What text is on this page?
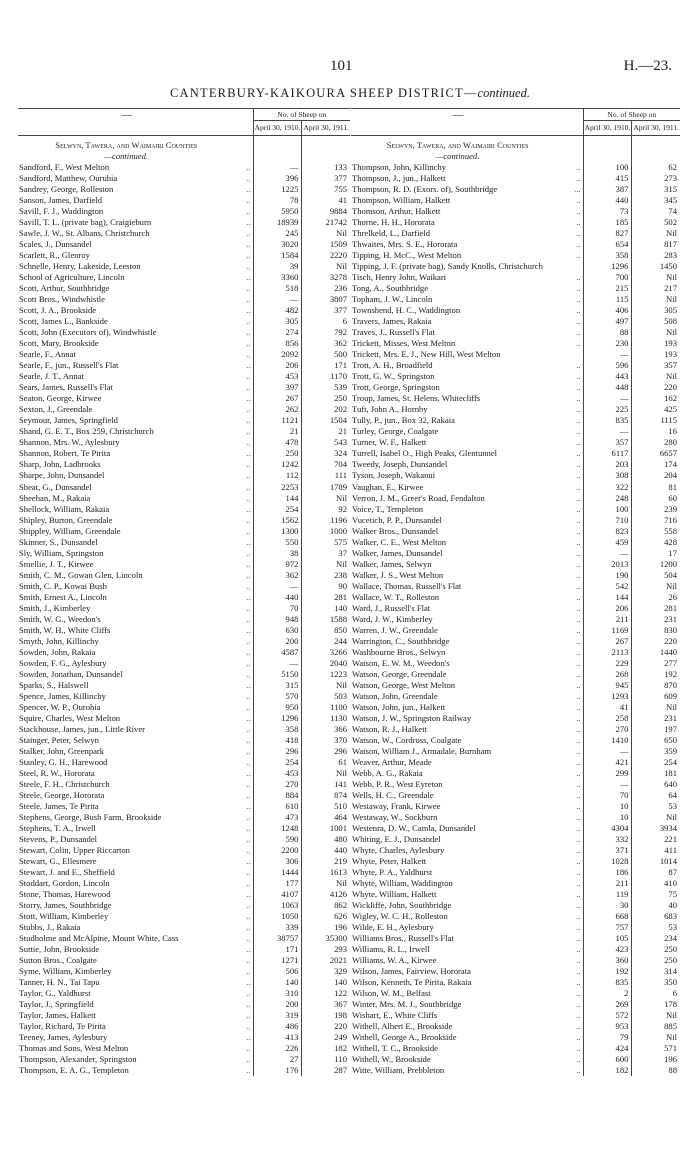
101	H.—23.
CANTERBURY-KAIKOURA SHEEP DISTRICT—continued.
—		No. of Sheep on	
		April 30, 1910.	April 30, 1911.
Selwyn, Tawera, and Waimairi Counties			
—continued.			
Sandford, F., West Melton	..	—	133
Sandford, Matthew, Ouruhia	..	396	377
Sandrey, George, Rolleston	..	1225	755
Sanson, James, Darfield	..	78	41
Savill, F. J., Waddington	..	5950	9884
Savill, T. L. (private bag), Craigieburn	..	18939	21742
Sawle, J. W., St. Albans, Christchurch	..	245	Nil
Scales, J., Dunsandel	..	3020	1509
Scarlett, R., Glenroy	..	1584	2220
Schnelle, Henry, Lakeside, Leeston	..	39	Nil
School of Agriculture, Lincoln	..	3360	3278
Scott, Arthur, Southbridge	..	518	236
Scott Bros., Windwhistle	..	—	3807
Scott, J. A., Brookside	..	482	377
Scott, James L., Bankside	..	305	6
Scott, John (Executors of), Windwhistle	..	274	792
Scott, Mary, Brookside	..	856	362
Searle, F., Annat	..	2092	500
Searle, F., jun., Russell's Flat	..	206	171
Searle, J. T., Annat	..	453	1170
Sears, James, Russell's Flat	..	397	539
Seaton, George, Kirwee	..	267	250
Sexton, J., Greendale	..	262	202
Seymour, James, Springfield	..	1121	1504
Shand, G. E. T., Box 259, Christchurch	..	21	21
Shannon, Mrs. W., Aylesbury	..	478	543
Shannon, Robert, Te Pirita	..	250	324
Sharp, John, Ladbrooks	..	1242	704
Sharpe, John, Dunsandel	..	112	111
Sheat, G., Dunsandel	..	2253	1789
Sheehan, M., Rakaia	..	144	Nil
Shellock, William, Rakaia	..	254	92
Shipley, Burton, Greendale	..	1562	1196
Shippley, William, Greendale	..	1300	1000
Skinner, S., Dunsandel	..	550	575
Sly, William, Springston	..	38	37
Smellie, J. T., Kirwee	..	972	Nil
Smith, C. M., Gowan Glen, Lincoln	..	362	238
Smith, C. P., Kowai Bush	..	—	90
Smith, Ernest A., Lincoln	..	440	281
Smith, J., Kimberley	..	70	140
Smith, W. G., Weedon's	..	948	1588
Smith, W. H., White Cliffs	..	630	850
Smyth, John, Killinchy	..	200	244
Sowden, John, Rakaia	..	4587	3266
Sowden, F. G., Aylesbury	..	—	2040
Sowden, Jonathan, Dunsandel	..	5150	1223
Sparks, S., Halswell	..	315	Nil
Spence, James, Killinchy	..	570	503
Spencer, W. P., Ourohia	..	950	1100
Squire, Charles, West Melton	..	1296	1130
Stackhouse, James, jun., Little River	..	358	366
Stainger, Peter, Selwyn	..	418	370
Stalker, John, Greenpark	..	296	296
Stanley, G. H., Harewood	..	254	61
Steel, R. W., Hororata	..	453	Nil
Steele, F. H., Christchurch	..	270	141
Steele, George, Hororata	..	884	874
Steele, James, Te Pirita	..	610	510
Stephens, George, Bush Farm, Brookside	..	473	464
Stephens, T. A., Irwell	..	1248	1001
Stevens, P., Dunsandel	..	590	480
Stewart, Colin, Upper Riccarton	..	2200	440
Stewart, G., Ellesmere	..	306	219
Stewart, J. and E., Sheffield	..	1444	1613
Stoddart, Gordon, Lincoln	..	177	Nil
Stone, Thomas, Harewood	..	4107	4126
Storry, James, Southbridge	..	1063	862
Stott, William, Kimberley	..	1050	626
Stubbs, J., Rakaia	..	339	196
Studholme and McAlpine, Mount White, Cass	..	38757	35300
Suttie, John, Brookside	..	171	293
Sutton Bros., Coalgate	..	1271	2021
Syme, William, Kimberley	..	506	329
Tanner, H. N., Tai Tapu	..	140	140
Taylor, G., Yaldhurst	..	310	122
Taylor, J., Springfield	..	200	367
Taylor, James, Halkett	..	319	198
Taylor, Richard, Te Pirita	..	486	220
Teeney, James, Aylesbury	..	413	249
Thomas and Sons, West Melton	..	226	182
Thompson, Alexander, Springston	..	27	110
Thompson, E. A. G., Templeton	..	176	287
—		No. of Sheep on	
		April 30, 1910.	April 30, 1911.
Selwyn, Tawera, and Waimairi Counties			
—continued.			
Thompson, John, Killinchy	..	100	62
Thompson, J., jun., Halkett	..	415	273
Thompson, R. D. (Exors. of), Southbridge	...	387	315
Thompson, William, Halkett	..	440	345
Thomson, Arthur, Halkett	..	73	74
Thorne, H. H., Hororata	..	185	502
Threlkeld, L., Darfield	..	827	Nil
Thwaites, Mrs. S. E., Hororata	..	654	817
Tipping, H. McC., West Melton	..	358	283
Tipping, J. F. (private bag), Sandy Knolls, Christchurch		1296	1450
Tisch, Henry John, Waikari	..	700	Nil
Tong, A., Southbridge	..	215	217
Topham, J. W., Lincoln	..	115	Nil
Townshend, H. C., Waddington	..	406	305
Travers, James, Rakaia	..	497	508
Traves, J., Russell's Flat	..	88	Nil
Trickett, Misses, West Melton	..	230	193
Trickett, Mrs. E. J., New Hill, West Melton		—	193
Trott, A. H., Broadfield	..	596	357
Trott, G. W., Springston	..	443	Nil
Trott, George, Springston	..	448	220
Troup, James, St. Helens, Whitecliffs	..	—	162
Tuft, John A., Hornby	..	225	425
Tully, P., jun., Box 32, Rakaia	..	835	1115
Turley, George, Coalgate	..	—	16
Turner, W. F., Halkett	..	357	280
Turrell, Isabel O., High Peaks, Glentunnel	..	6117	6657
Tweedy, Joseph, Dunsandel	..	203	174
Tyson, Joseph, Wakanui	..	308	204
Vaughan, E., Kirwee	..	322	81
Verron, J. M., Greer's Road, Fendalton	..	248	60
Voice, T., Templeton	..	100	239
Vucetich, P. P., Dunsandel	..	710	716
Walker Bros., Dunsandel	..	823	558
Walker, C. E., West Melton	..	459	428
Walker, James, Dunsandel	..	—	17
Walker, James, Selwyn	..	2013	1200
Walker, J. S., West Melton	..	190	504
Wallace, Thomas, Russell's Flat	..	542	Nil
Wallace, W. T., Rolleston	..	144	26
Ward, J., Russell's Flat	..	206	281
Ward, J. W., Kimberley	..	211	231
Warren, J. W., Greendale	..	1169	830
Warrington, C., Southbridge	..	267	220
Washbourne Bros., Selwyn	..	2113	1440
Watson, E. W. M., Weedon's	..	229	277
Watson, George, Greendale	..	268	192
Watson, George, West Melton	..	945	870
Watson, John, Greendale	..	1293	609
Watson, John, jun., Halkett	..	41	Nil
Watson, J. W., Springston Railway	..	258	231
Watson, R. J., Halkett	..	270	197
Watson, W., Cordross, Coalgate	..	1410	650
Watson, William J., Armadale, Burnham	..	—	359
Weaver, Arthur, Meade	..	421	254
Webb, A. G., Rakaia	..	299	181
Webb, P. R., West Eyreton	..	—	640
Wells, H. C., Greendale	..	70	64
Westaway, Frank, Kirwee	..	10	53
Westaway, W., Sockburn	..	10	Nil
Westenra, D. W., Camla, Dunsandel	..	4304	3934
Whiting, E. J., Dunsandel	..	332	221
Whyte, Charles, Aylesbury	..	371	411
Whyte, Peter, Halkett	..	1028	1014
Whyte, P. A., Yaldhurst	..	186	87
Whyte, William, Waddington	..	211	410
Whyte, William, Halkett	..	119	75
Wickliffe, John, Southbridge	..	30	40
Wigley, W. C. H., Rolleston	..	668	683
Wilde, E. H., Aylesbury	..	757	53
Williams Bros., Russell's Flat	..	105	234
Williams, R. L., Irwell	..	423	250
Williams, W. A., Kirwee	..	360	250
Wilson, James, Fairview, Hororata	..	192	314
Wilson, Kenneth, Te Pirita, Rakaia	..	835	350
Wilson, W. M., Belfast	..	2	6
Winter, Mrs. M. J., Southbridge	..	269	178
Wishart, E., White Cliffs	..	572	Nil
Withell, Albert E., Brookside	..	953	885
Withell, George A., Brookside	..	79	Nil
Withell, T. C., Brookside	..	424	571
Withell, W., Brookside	..	600	196
Witte, William, Prebbleton	..	182	88
